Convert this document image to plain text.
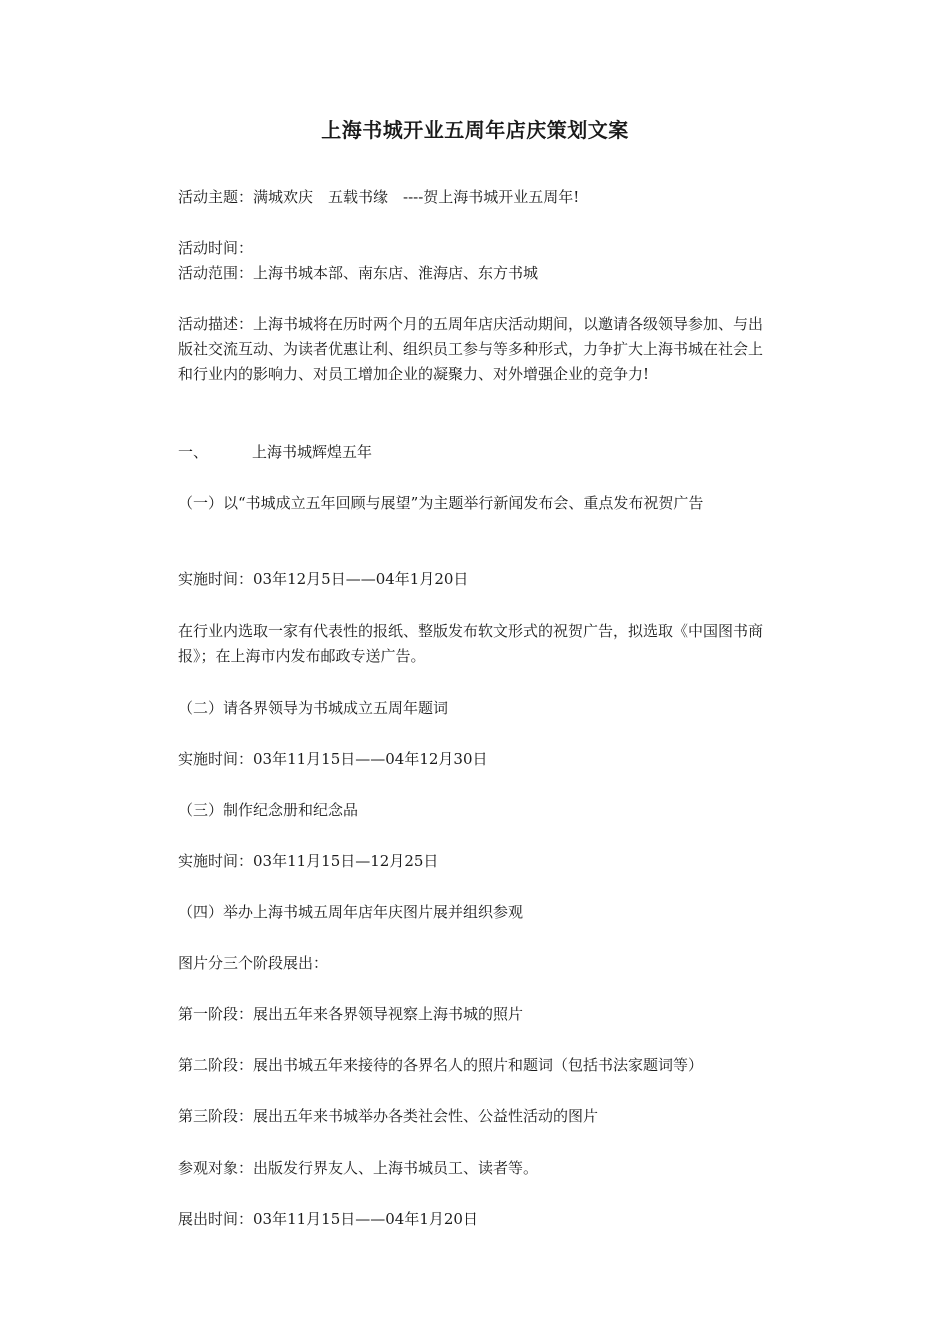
上海书城开业五周年店庆策划文案

活动主题：满城欢庆　五载书缘　----贺上海书城开业五周年!

活动时间：

活动范围：上海书城本部、南东店、淮海店、东方书城

活动描述：上海书城将在历时两个月的五周年店庆活动期间，以邀请各级领导参加、与出版社交流互动、为读者优惠让利、组织员工参与等多种形式，力争扩大上海书城在社会上和行业内的影响力、对员工增加企业的凝聚力、对外增强企业的竞争力!

一、	上海书城辉煌五年

（一）以“书城成立五年回顾与展望”为主题举行新闻发布会、重点发布祝贺广告

实施时间：03年12月5日——04年1月20日

在行业内选取一家有代表性的报纸、整版发布软文形式的祝贺广告，拟选取《中国图书商报》；在上海市内发布邮政专送广告。

（二）请各界领导为书城成立五周年题词

实施时间：03年11月15日——04年12月30日

（三）制作纪念册和纪念品

实施时间：03年11月15日—12月25日

（四）举办上海书城五周年店年庆图片展并组织参观

图片分三个阶段展出：

第一阶段：展出五年来各界领导视察上海书城的照片

第二阶段：展出书城五年来接待的各界名人的照片和题词（包括书法家题词等）

第三阶段：展出五年来书城举办各类社会性、公益性活动的图片

参观对象：出版发行界友人、上海书城员工、读者等。

展出时间：03年11月15日——04年1月20日
